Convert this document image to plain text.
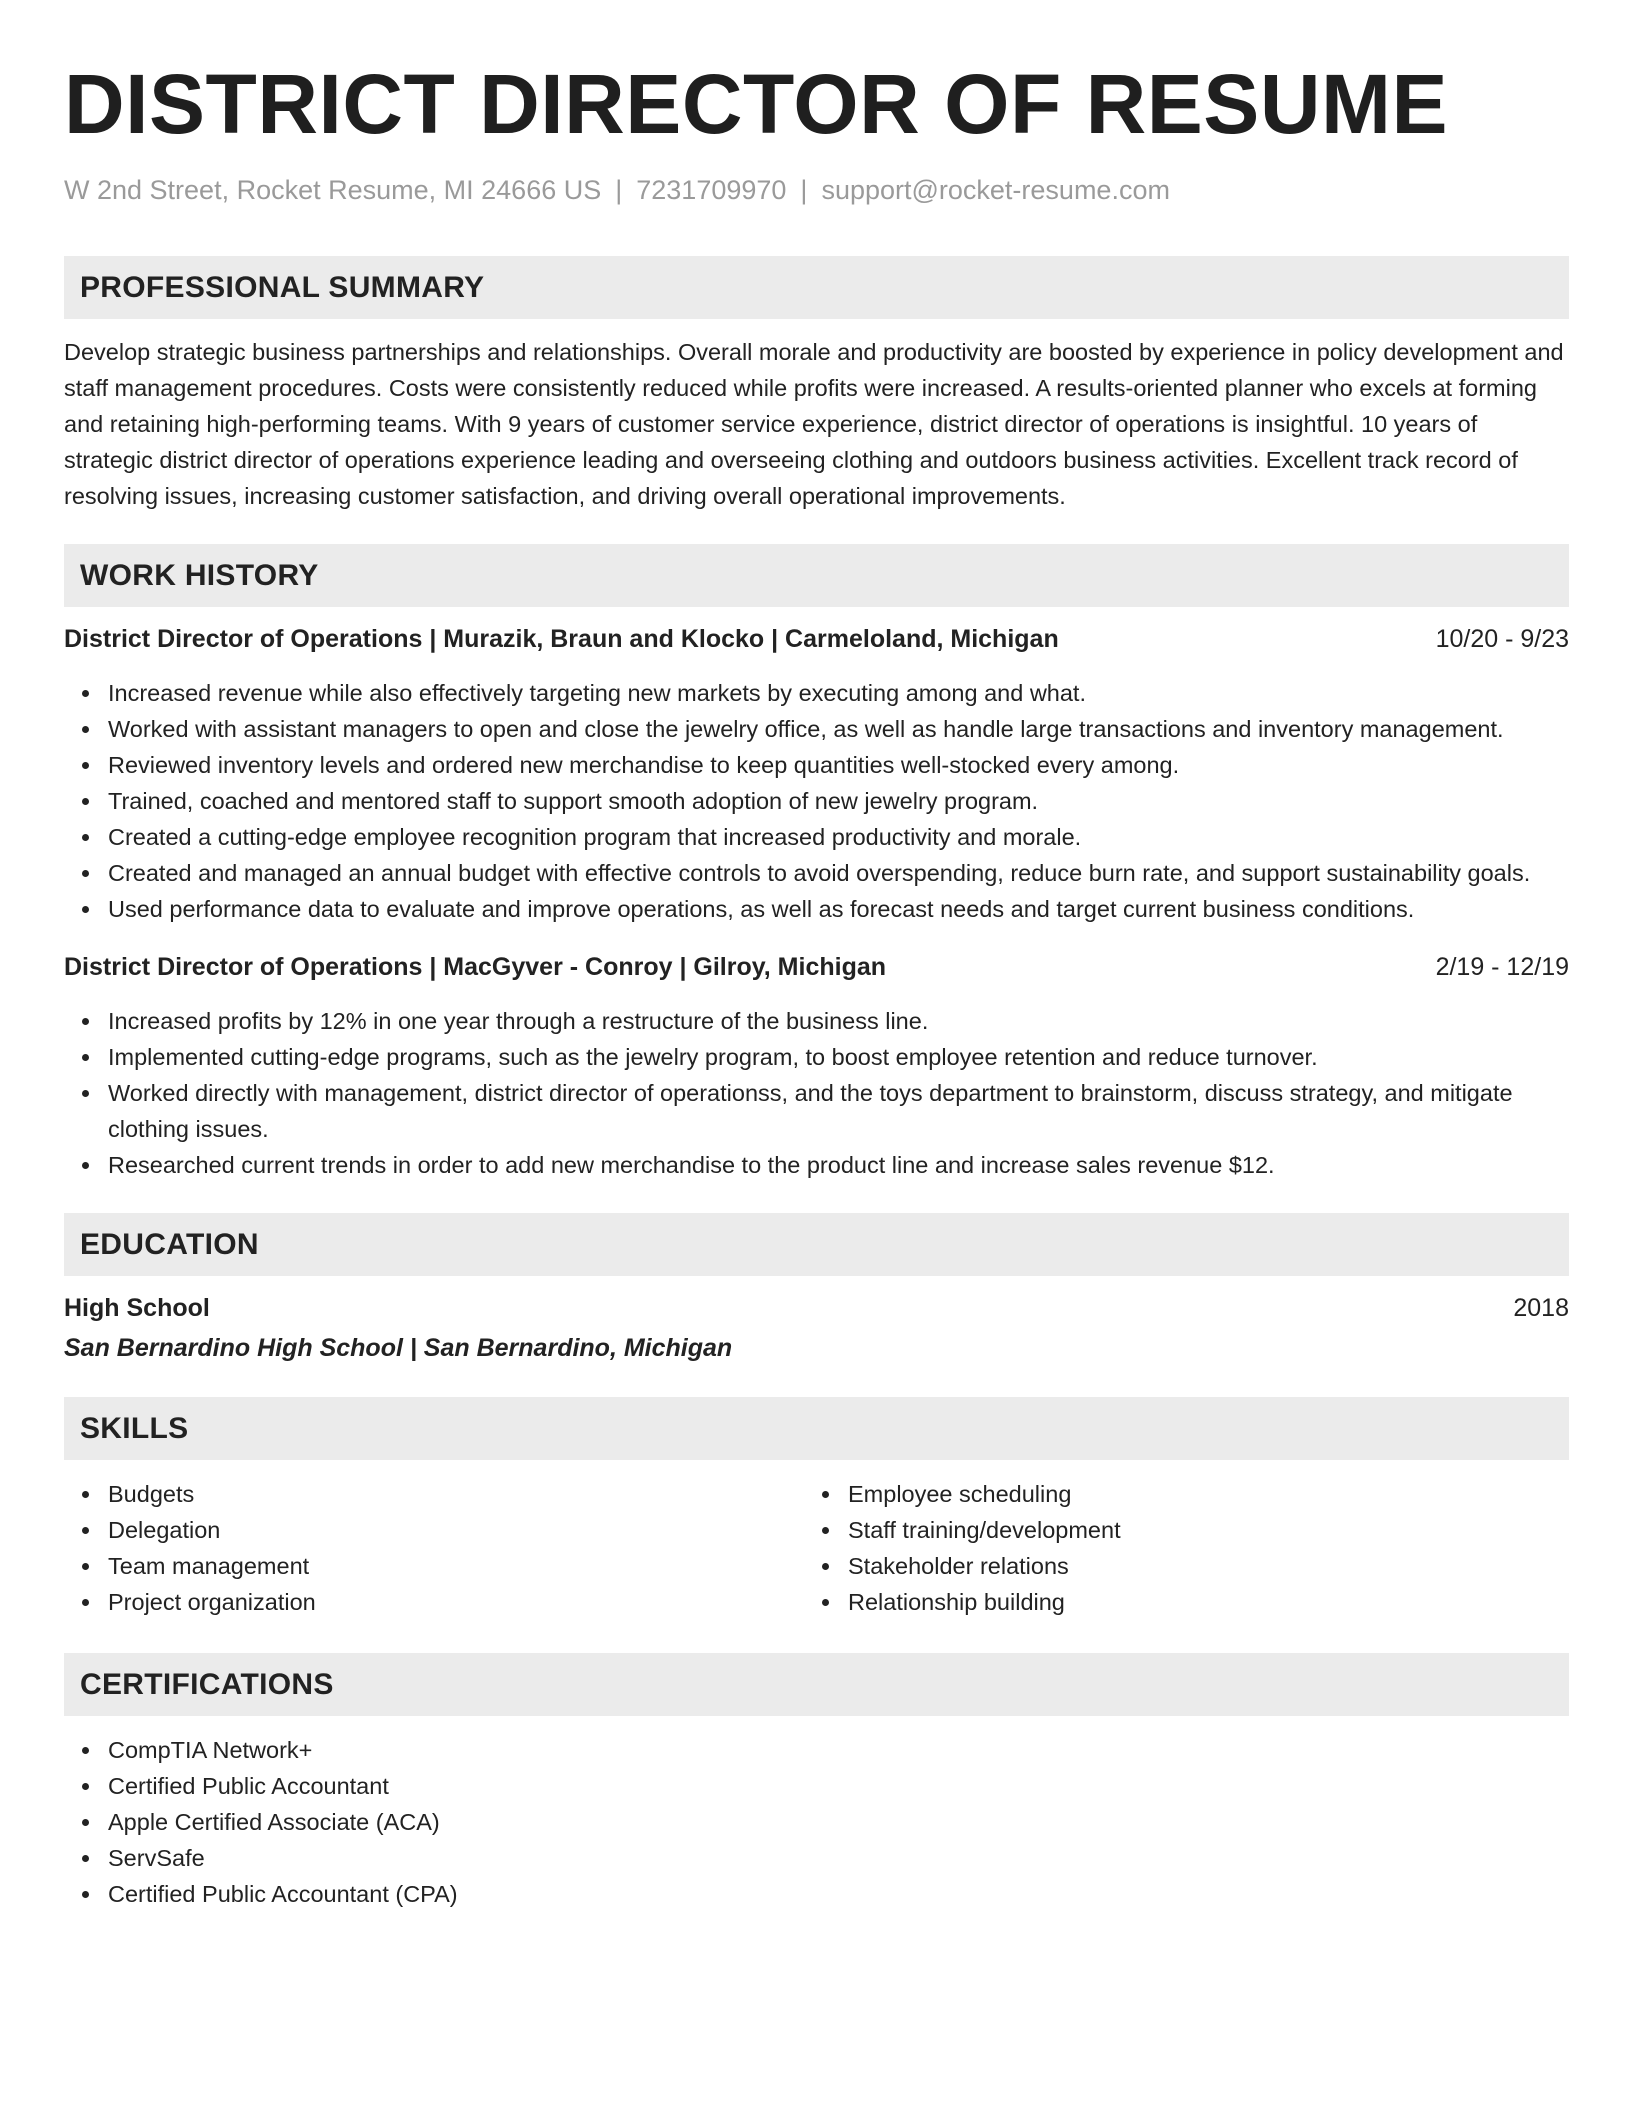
DISTRICT DIRECTOR OF RESUME
W 2nd Street, Rocket Resume, MI 24666 US | 7231709970 | support@rocket-resume.com
PROFESSIONAL SUMMARY

Develop strategic business partnerships and relationships. Overall morale and productivity are boosted by experience in policy development and staff management procedures. Costs were consistently reduced while profits were increased. A results-oriented planner who excels at forming and retaining high-performing teams. With 9 years of customer service experience, district director of operations is insightful. 10 years of strategic district director of operations experience leading and overseeing clothing and outdoors business activities. Excellent track record of resolving issues, increasing customer satisfaction, and driving overall operational improvements.

WORK HISTORY
District Director of Operations | Murazik, Braun and Klocko | Carmeloland, Michigan	10/20 - 9/23
Increased revenue while also effectively targeting new markets by executing among and what.
Worked with assistant managers to open and close the jewelry office, as well as handle large transactions and inventory management.
Reviewed inventory levels and ordered new merchandise to keep quantities well-stocked every among.
Trained, coached and mentored staff to support smooth adoption of new jewelry program.
Created a cutting-edge employee recognition program that increased productivity and morale.
Created and managed an annual budget with effective controls to avoid overspending, reduce burn rate, and support sustainability goals.
Used performance data to evaluate and improve operations, as well as forecast needs and target current business conditions.
District Director of Operations | MacGyver - Conroy | Gilroy, Michigan	2/19 - 12/19
Increased profits by 12% in one year through a restructure of the business line.
Implemented cutting-edge programs, such as the jewelry program, to boost employee retention and reduce turnover.
Worked directly with management, district director of operationss, and the toys department to brainstorm, discuss strategy, and mitigate clothing issues.
Researched current trends in order to add new merchandise to the product line and increase sales revenue $12.
EDUCATION
High School	2018
San Bernardino High School | San Bernardino, Michigan
SKILLS
Budgets
Delegation
Team management
Project organization
Employee scheduling
Staff training/development
Stakeholder relations
Relationship building
CERTIFICATIONS
CompTIA Network+
Certified Public Accountant
Apple Certified Associate (ACA)
ServSafe
Certified Public Accountant (CPA)
